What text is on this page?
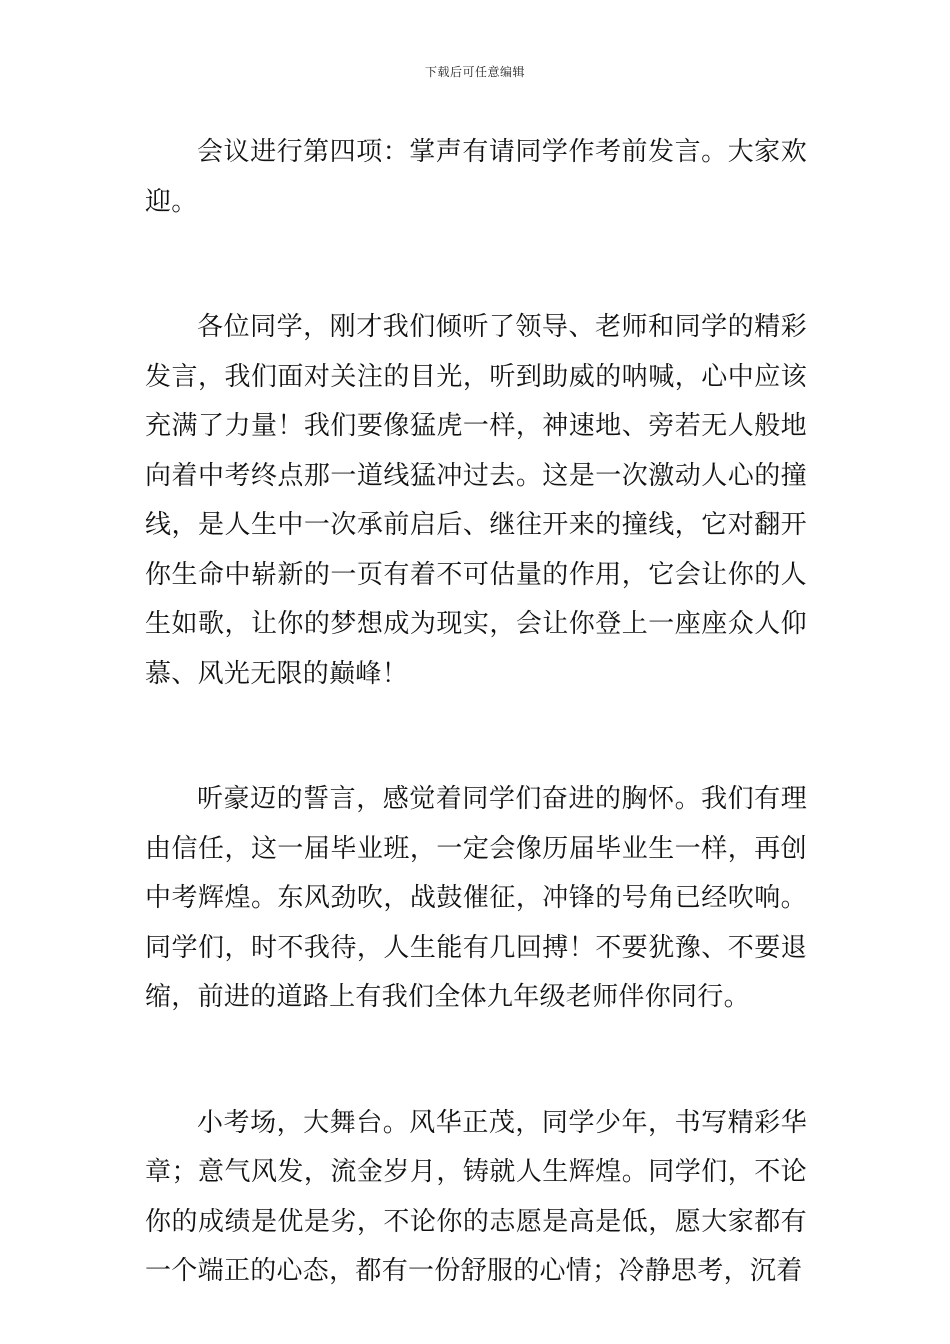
下载后可任意编辑

会议进行第四项：掌声有请同学作考前发言。大家欢迎。

各位同学，刚才我们倾听了领导、老师和同学的精彩发言，我们面对关注的目光，听到助威的呐喊，心中应该充满了力量！我们要像猛虎一样，神速地、旁若无人般地向着中考终点那一道线猛冲过去。这是一次激动人心的撞线，是人生中一次承前启后、继往开来的撞线，它对翻开你生命中崭新的一页有着不可估量的作用，它会让你的人生如歌，让你的梦想成为现实，会让你登上一座座众人仰慕、风光无限的巅峰！

听豪迈的誓言，感觉着同学们奋进的胸怀。我们有理由信任，这一届毕业班，一定会像历届毕业生一样，再创中考辉煌。东风劲吹，战鼓催征，冲锋的号角已经吹响。同学们，时不我待，人生能有几回搏！不要犹豫、不要退缩，前进的道路上有我们全体九年级老师伴你同行。

小考场，大舞台。风华正茂，同学少年，书写精彩华章；意气风发，流金岁月，铸就人生辉煌。同学们，不论你的成绩是优是劣，不论你的志愿是高是低，愿大家都有一个端正的心态，都有一份舒服的心情；冷静思考，沉着
